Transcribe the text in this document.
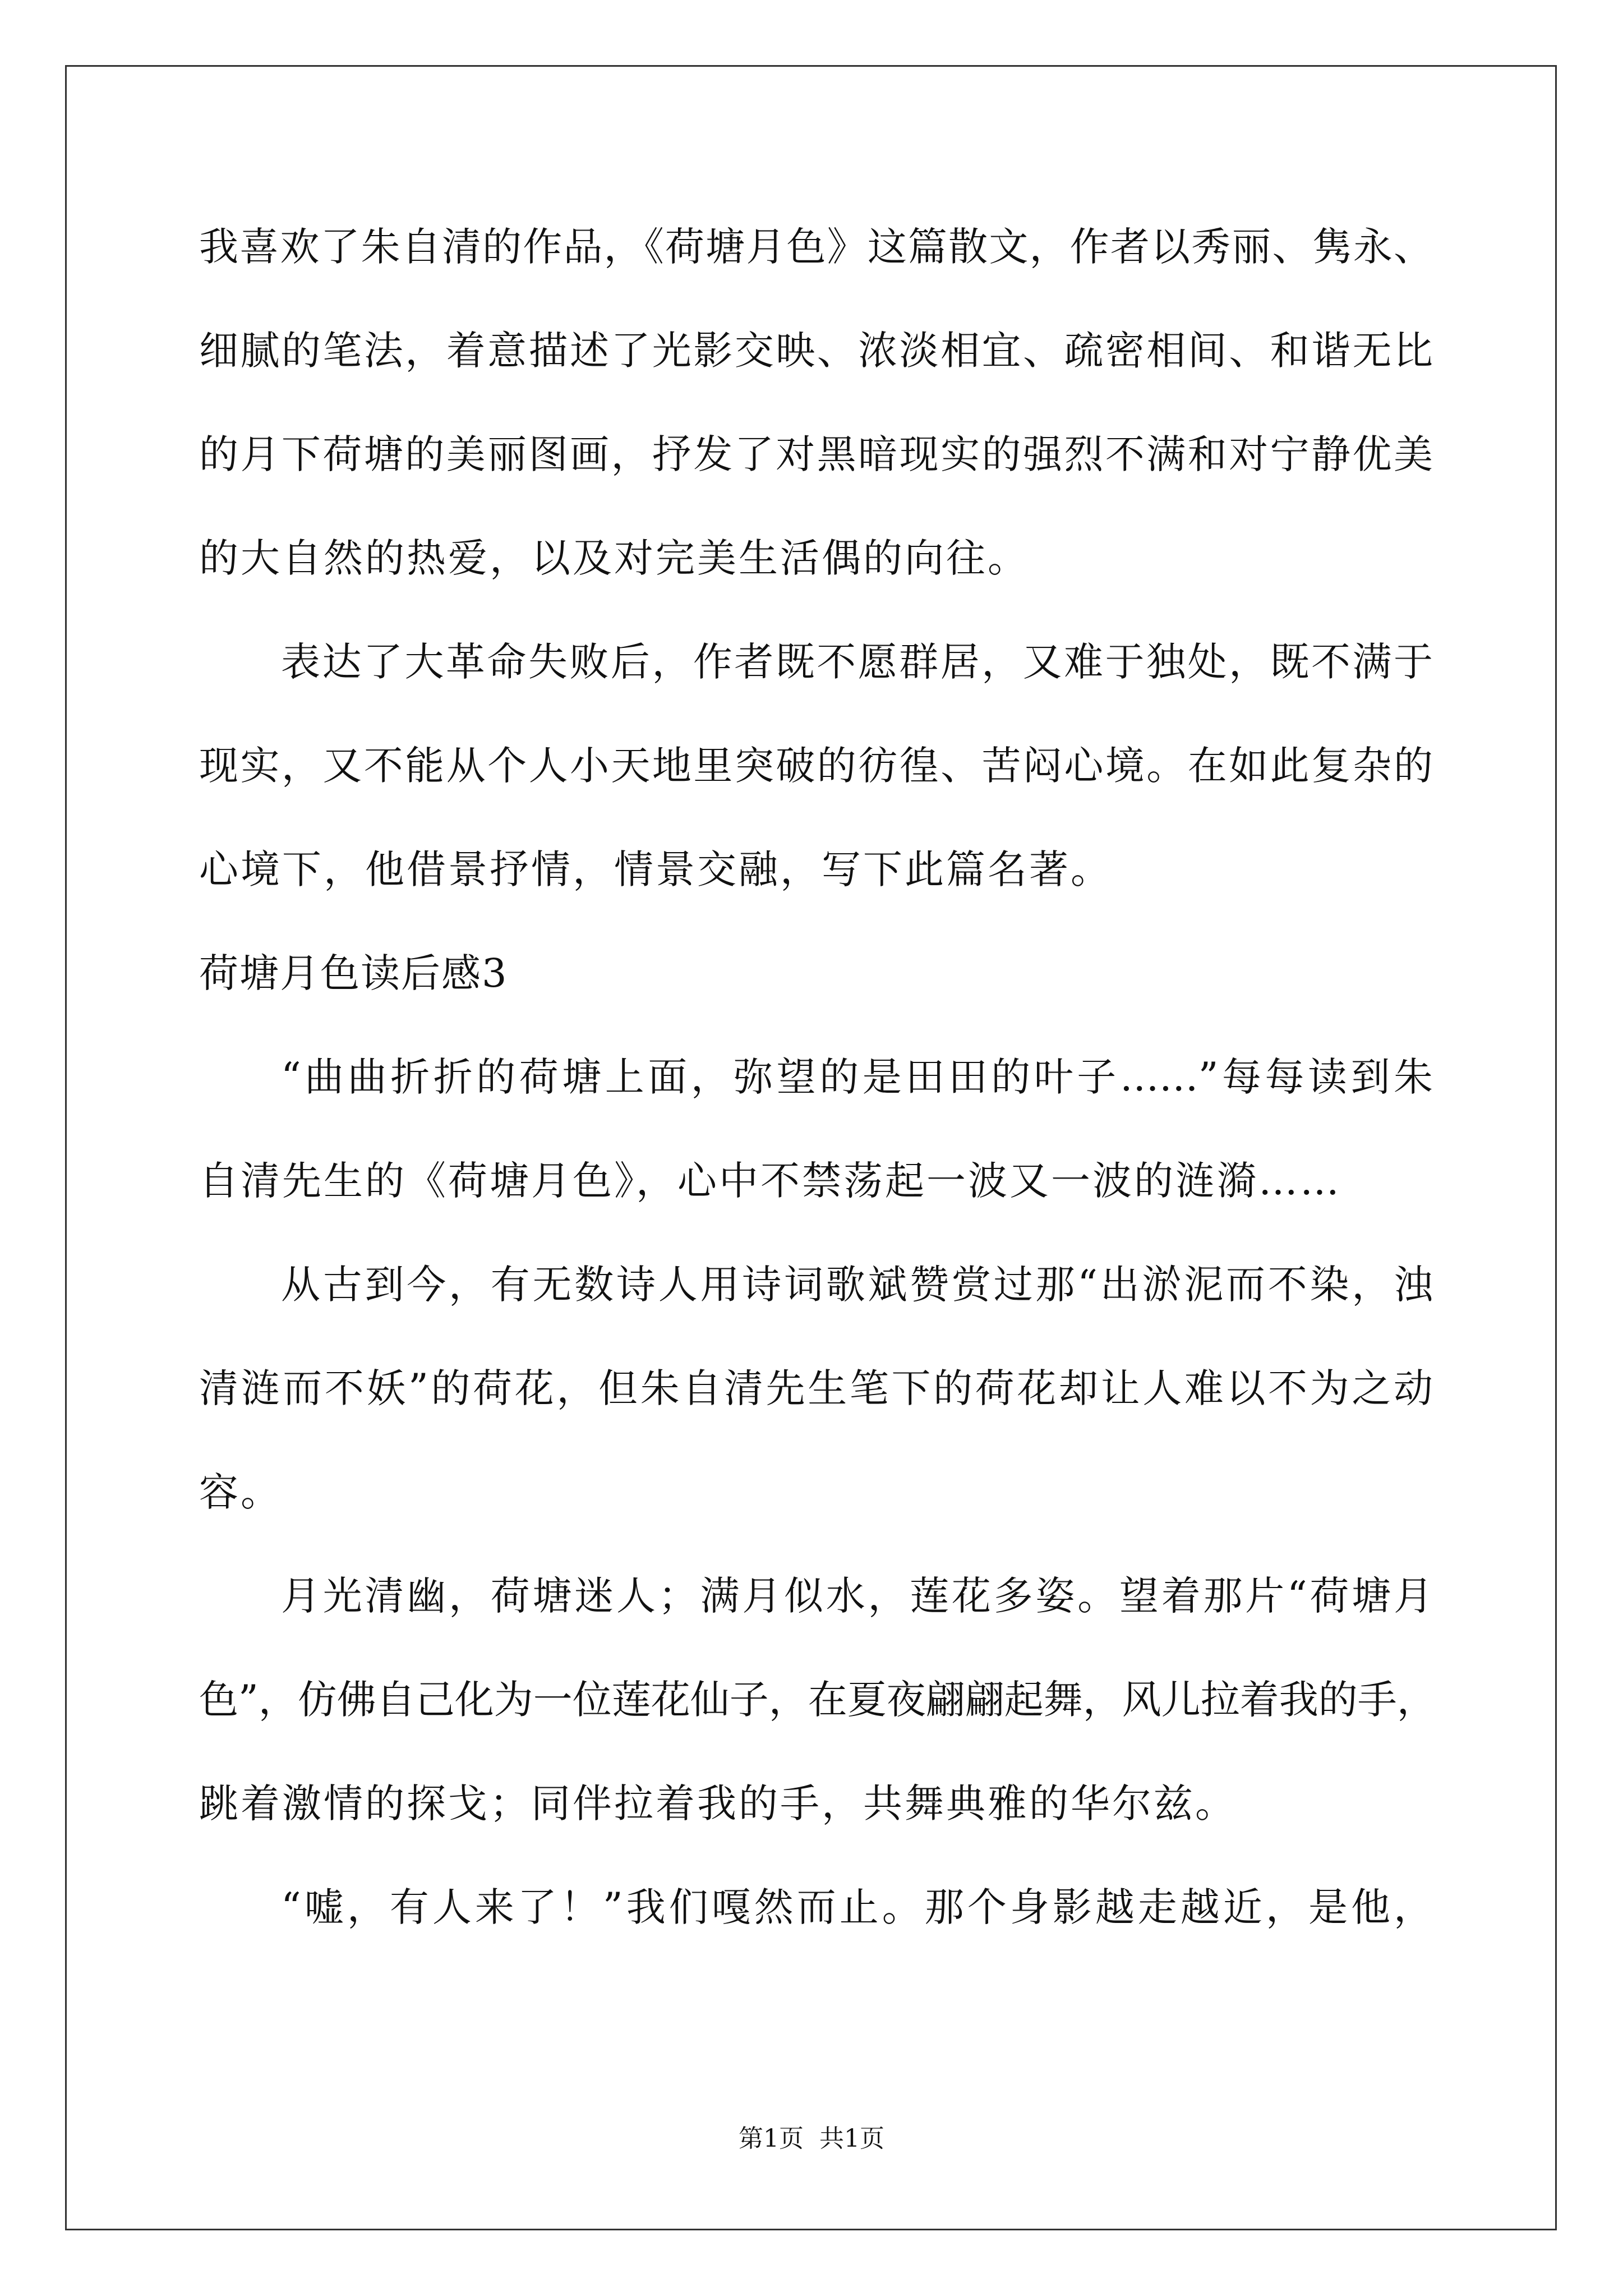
我喜欢了朱自清的作品，《荷塘月色》这篇散文，作者以秀丽、隽永、
细腻的笔法，着意描述了光影交映、浓淡相宜、疏密相间、和谐无比
的月下荷塘的美丽图画，抒发了对黑暗现实的强烈不满和对宁静优美
的大自然的热爱，以及对完美生活偶的向往。
表达了大革命失败后，作者既不愿群居，又难于独处，既不满于
现实，又不能从个人小天地里突破的彷徨、苦闷心境。在如此复杂的
心境下，他借景抒情，情景交融，写下此篇名著。
荷塘月色读后感3
“曲曲折折的荷塘上面，弥望的是田田的叶子……”每每读到朱
自清先生的《荷塘月色》，心中不禁荡起一波又一波的涟漪……
从古到今，有无数诗人用诗词歌斌赞赏过那“出淤泥而不染，浊
清涟而不妖”的荷花，但朱自清先生笔下的荷花却让人难以不为之动
容。
月光清幽，荷塘迷人；满月似水，莲花多姿。望着那片“荷塘月
色”，仿佛自己化为一位莲花仙子，在夏夜翩翩起舞，风儿拉着我的手，
跳着激情的探戈；同伴拉着我的手，共舞典雅的华尔兹。
“嘘，有人来了！”我们嘎然而止。那个身影越走越近，是他，
第1页 共1页
